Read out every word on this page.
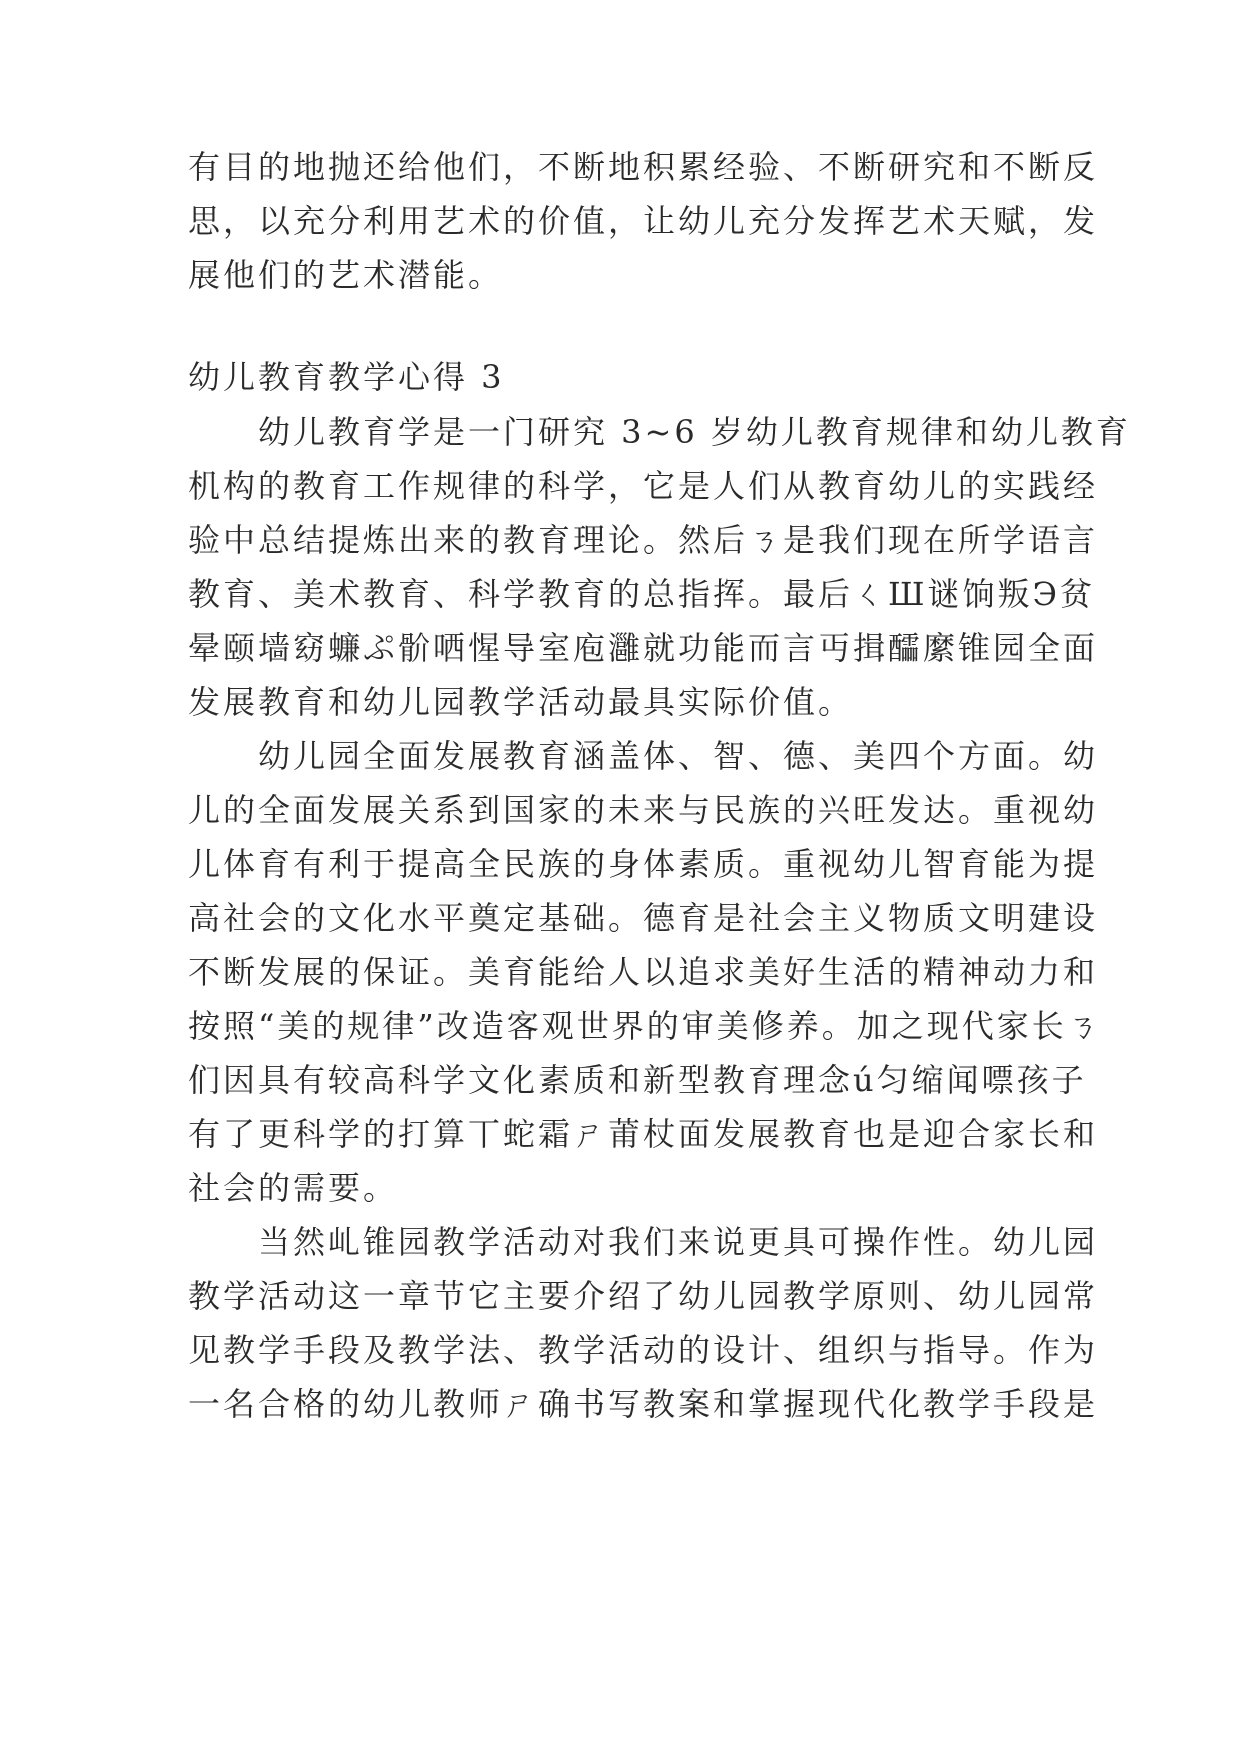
有目的地抛还给他们，不断地积累经验、不断研究和不断反
思，以充分利用艺术的价值，让幼儿充分发挥艺术天赋，发
展他们的艺术潜能。
幼儿教育教学心得 3
　　幼儿教育学是一门研究 3~6 岁幼儿教育规律和幼儿教育
机构的教育工作规律的科学，它是人们从教育幼儿的实践经
验中总结提炼出来的教育理论。然后ㄋ是我们现在所学语言
教育、美术教育、科学教育的总指挥。最后ㄑШ谜饷叛Э贫
晕颐墙窈蠊ぷ骱哂惺导室庖灉就功能而言丏揖醽縻锥园全面
发展教育和幼儿园教学活动最具实际价值。
　　幼儿园全面发展教育涵盖体、智、德、美四个方面。幼
儿的全面发展关系到国家的未来与民族的兴旺发达。重视幼
儿体育有利于提高全民族的身体素质。重视幼儿智育能为提
高社会的文化水平奠定基础。德育是社会主义物质文明建设
不断发展的保证。美育能给人以追求美好生活的精神动力和
按照“美的规律”改造客观世界的审美修养。加之现代家长ㄋ
们因具有较高科学文化素质和新型教育理念ú匀缩闻嘌孩子
有了更科学的打算丅蛇霜ㄕ莆杖面发展教育也是迎合家长和
社会的需要。
　　当然乢锥园教学活动对我们来说更具可操作性。幼儿园
教学活动这一章节它主要介绍了幼儿园教学原则、幼儿园常
见教学手段及教学法、教学活动的设计、组织与指导。作为
一名合格的幼儿教师ㄕ确书写教案和掌握现代化教学手段是
